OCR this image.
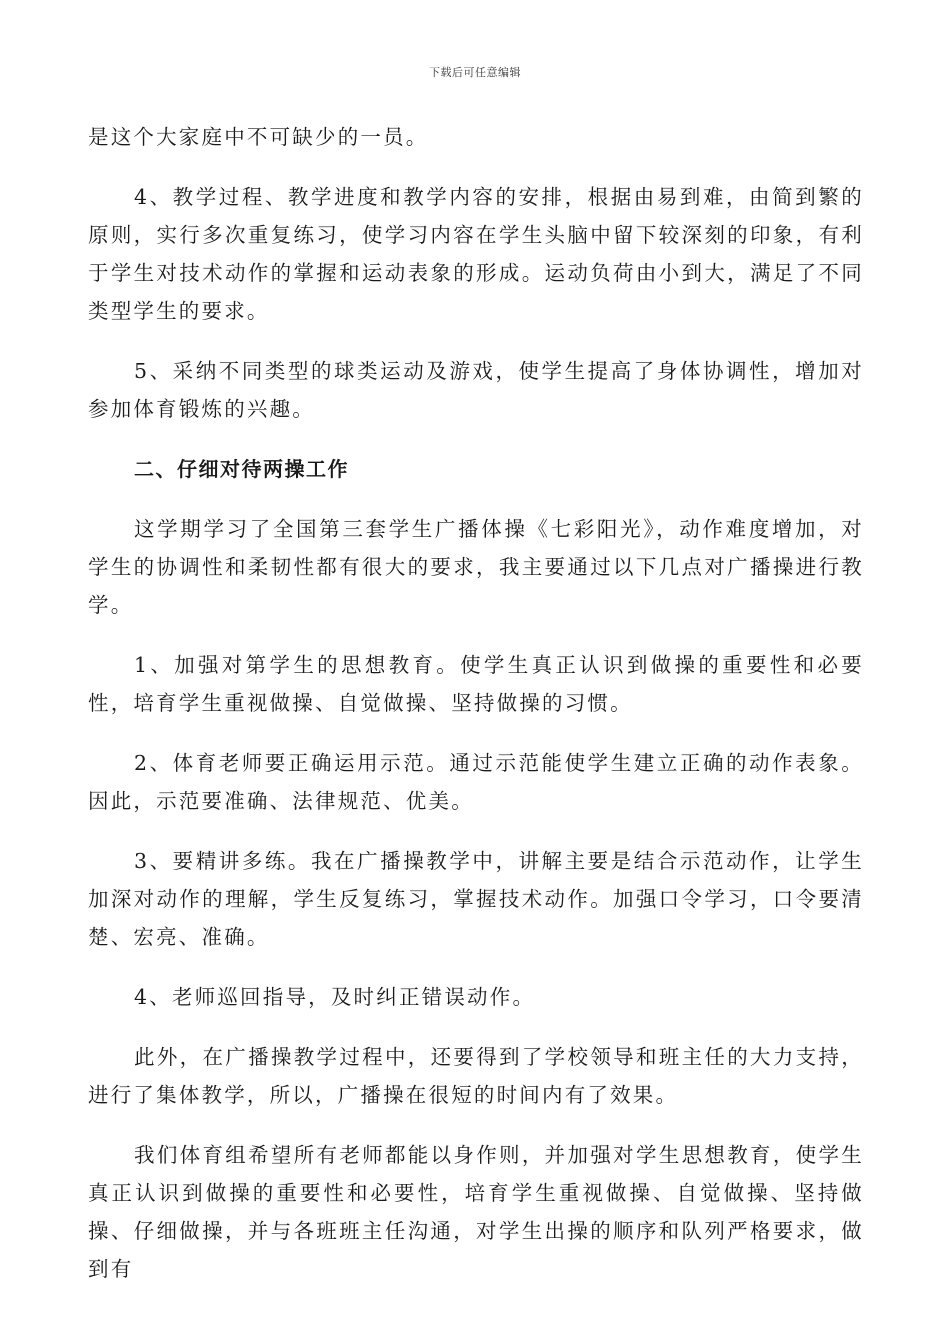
下载后可任意编辑

是这个大家庭中不可缺少的一员。

4、教学过程、教学进度和教学内容的安排，根据由易到难，由简到繁的原则，实行多次重复练习，使学习内容在学生头脑中留下较深刻的印象，有利于学生对技术动作的掌握和运动表象的形成。运动负荷由小到大，满足了不同类型学生的要求。

5、采纳不同类型的球类运动及游戏，使学生提高了身体协调性，增加对参加体育锻炼的兴趣。

二、仔细对待两操工作

这学期学习了全国第三套学生广播体操《七彩阳光》，动作难度增加，对学生的协调性和柔韧性都有很大的要求，我主要通过以下几点对广播操进行教学。

1、加强对第学生的思想教育。使学生真正认识到做操的重要性和必要性，培育学生重视做操、自觉做操、坚持做操的习惯。

2、体育老师要正确运用示范。通过示范能使学生建立正确的动作表象。因此，示范要准确、法律规范、优美。

3、要精讲多练。我在广播操教学中，讲解主要是结合示范动作，让学生加深对动作的理解，学生反复练习，掌握技术动作。加强口令学习，口令要清楚、宏亮、准确。

4、老师巡回指导，及时纠正错误动作。

此外，在广播操教学过程中，还要得到了学校领导和班主任的大力支持，进行了集体教学，所以，广播操在很短的时间内有了效果。

我们体育组希望所有老师都能以身作则，并加强对学生思想教育，使学生真正认识到做操的重要性和必要性，培育学生重视做操、自觉做操、坚持做操、仔细做操，并与各班班主任沟通，对学生出操的顺序和队列严格要求，做到有
